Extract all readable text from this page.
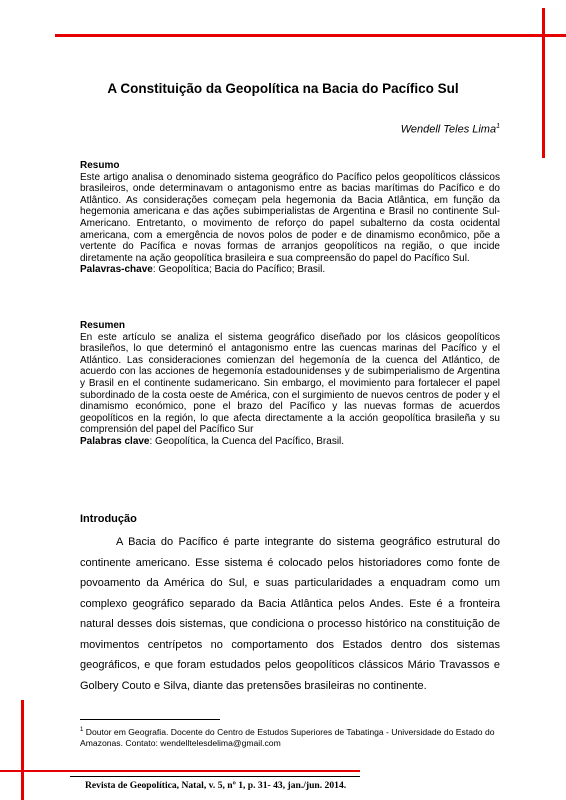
A Constituição da Geopolítica na Bacia do Pacífico Sul
Wendell Teles Lima$^1$
Resumo
Este artigo analisa o denominado sistema geográfico do Pacífico pelos geopolíticos clássicos brasileiros, onde determinavam o antagonismo entre as bacias marítimas do Pacífico e do Atlântico. As considerações começam pela hegemonia da Bacia Atlântica, em função da hegemonia americana e das ações subimperialistas de Argentina e Brasil no continente Sul-Americano. Entretanto, o movimento de reforço do papel subalterno da costa ocidental americana, com a emergência de novos polos de poder e de dinamismo econômico, põe a vertente do Pacífica e novas formas de arranjos geopolíticos na região, o que incide diretamente na ação geopolítica brasileira e sua compreensão do papel do Pacífico Sul.
Palavras-chave: Geopolítica; Bacia do Pacífico; Brasil.
Resumen
En este artículo se analiza el sistema geográfico diseñado por los clásicos geopolíticos brasileños, lo que determinó el antagonismo entre las cuencas marinas del Pacífico y el Atlántico. Las consideraciones comienzan del hegemonía de la cuenca del Atlántico, de acuerdo con las acciones de hegemonía estadounidenses y de subimperialismo de Argentina y Brasil en el continente sudamericano. Sin embargo, el movimiento para fortalecer el papel subordinado de la costa oeste de América, con el surgimiento de nuevos centros de poder y el dinamismo económico, pone el brazo del Pacífico y las nuevas formas de acuerdos geopolíticos en la región, lo que afecta directamente a la acción geopolítica brasileña y su comprensión del papel del Pacífico Sur
Palabras clave: Geopolítica, la Cuenca del Pacífico, Brasil.
Introdução

A Bacia do Pacífico é parte integrante do sistema geográfico estrutural do continente americano. Esse sistema é colocado pelos historiadores como fonte de povoamento da América do Sul, e suas particularidades a enquadram como um complexo geográfico separado da Bacia Atlântica pelos Andes. Este é a fronteira natural desses dois sistemas, que condiciona o processo histórico na constituição de movimentos centrípetos no comportamento dos Estados dentro dos sistemas geográficos, e que foram estudados pelos geopolíticos clássicos Mário Travassos e Golbery Couto e Silva, diante das pretensões brasileiras no continente.

$^1$ Doutor em Geografia. Docente do Centro de Estudos Superiores de Tabatinga - Universidade do Estado do Amazonas. Contato: wendelltelesdelima@gmail.com
Revista de Geopolítica, Natal, v. 5, nº 1, p. 31- 43, jan./jun. 2014.
